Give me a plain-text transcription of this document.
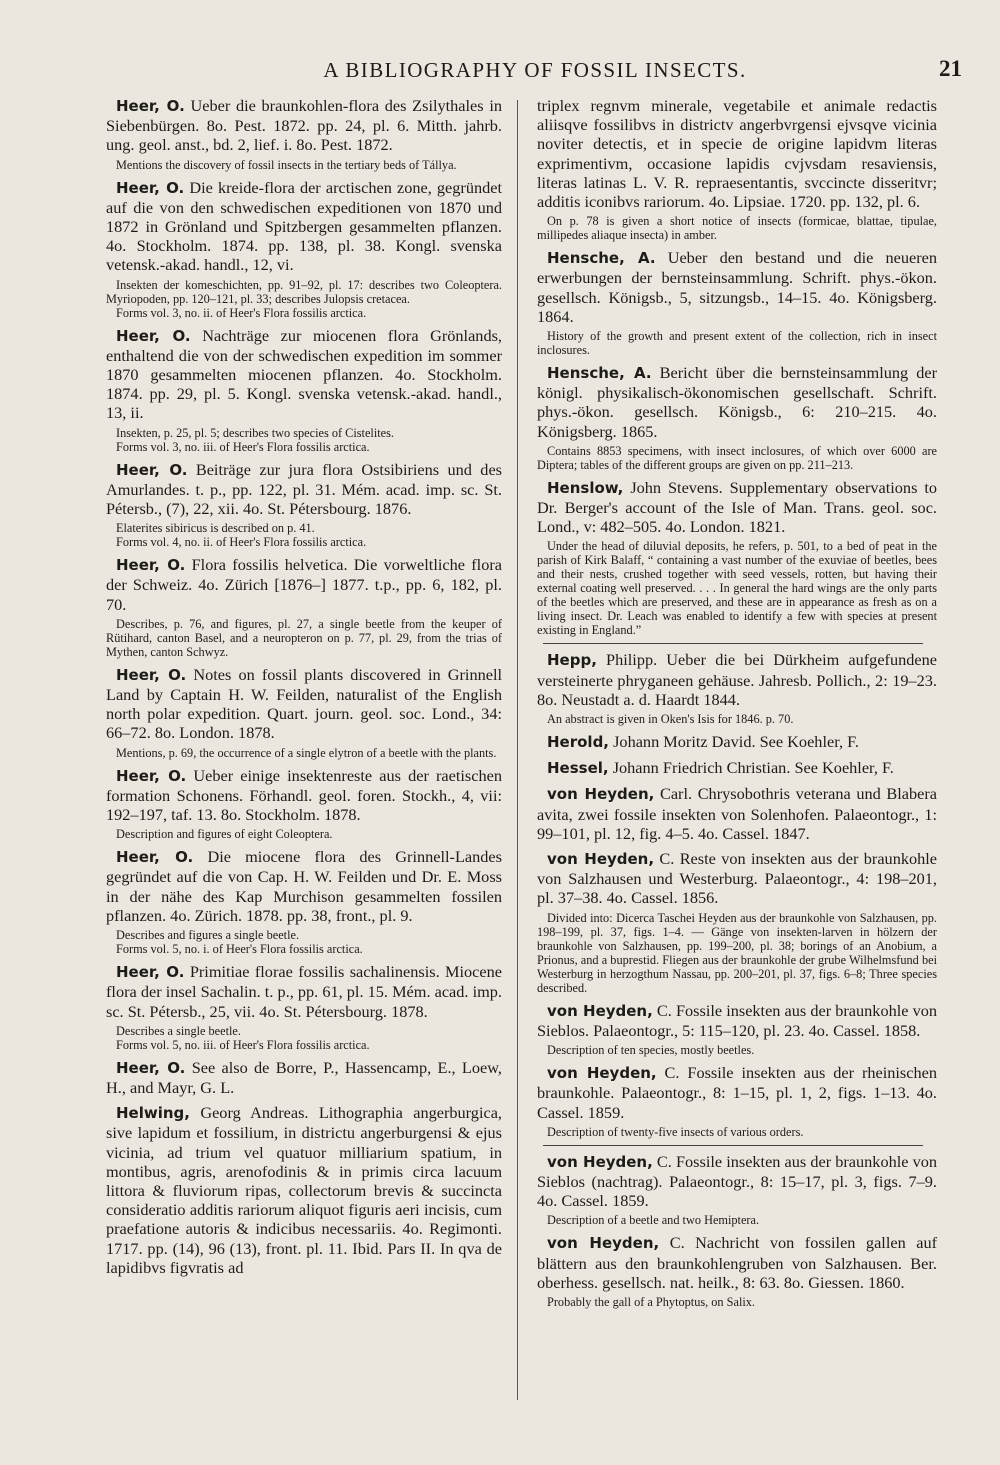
A BIBLIOGRAPHY OF FOSSIL INSECTS.	21

Heer, O. Ueber die braunkohlen-flora des Zsilythales in Siebenbürgen. 8o. Pest. 1872. pp. 24, pl. 6. Mitth. jahrb. ung. geol. anst., bd. 2, lief. i. 8o. Pest. 1872.

Mentions the discovery of fossil insects in the tertiary beds of Tállya.

Heer, O. Die kreide-flora der arctischen zone, gegründet auf die von den schwedischen expeditionen von 1870 und 1872 in Grönland und Spitzbergen gesammelten pflanzen. 4o. Stockholm. 1874. pp. 138, pl. 38. Kongl. svenska vetensk.-akad. handl., 12, vi.

Insekten der komeschichten, pp. 91–92, pl. 17: describes two Coleoptera. Myriopoden, pp. 120–121, pl. 33; describes Julopsis cretacea.

Forms vol. 3, no. ii. of Heer's Flora fossilis arctica.

Heer, O. Nachträge zur miocenen flora Grönlands, enthaltend die von der schwedischen expedition im sommer 1870 gesammelten miocenen pflanzen. 4o. Stockholm. 1874. pp. 29, pl. 5. Kongl. svenska vetensk.-akad. handl., 13, ii.

Insekten, p. 25, pl. 5; describes two species of Cistelites.

Forms vol. 3, no. iii. of Heer's Flora fossilis arctica.

Heer, O. Beiträge zur jura flora Ostsibiriens und des Amurlandes. t. p., pp. 122, pl. 31. Mém. acad. imp. sc. St. Pétersb., (7), 22, xii. 4o. St. Pétersbourg. 1876.

Elaterites sibiricus is described on p. 41.

Forms vol. 4, no. ii. of Heer's Flora fossilis arctica.

Heer, O. Flora fossilis helvetica. Die vorweltliche flora der Schweiz. 4o. Zürich [1876–] 1877. t.p., pp. 6, 182, pl. 70.

Describes, p. 76, and figures, pl. 27, a single beetle from the keuper of Rütihard, canton Basel, and a neuropteron on p. 77, pl. 29, from the trias of Mythen, canton Schwyz.

Heer, O. Notes on fossil plants discovered in Grinnell Land by Captain H. W. Feilden, naturalist of the English north polar expedition. Quart. journ. geol. soc. Lond., 34: 66–72. 8o. London. 1878.

Mentions, p. 69, the occurrence of a single elytron of a beetle with the plants.

Heer, O. Ueber einige insektenreste aus der raetischen formation Schonens. Förhandl. geol. foren. Stockh., 4, vii: 192–197, taf. 13. 8o. Stockholm. 1878.

Description and figures of eight Coleoptera.

Heer, O. Die miocene flora des Grinnell-Landes gegründet auf die von Cap. H. W. Feilden und Dr. E. Moss in der nähe des Kap Murchison gesammelten fossilen pflanzen. 4o. Zürich. 1878. pp. 38, front., pl. 9.

Describes and figures a single beetle.

Forms vol. 5, no. i. of Heer's Flora fossilis arctica.

Heer, O. Primitiae florae fossilis sachalinensis. Miocene flora der insel Sachalin. t. p., pp. 61, pl. 15. Mém. acad. imp. sc. St. Pétersb., 25, vii. 4o. St. Pétersbourg. 1878.

Describes a single beetle.

Forms vol. 5, no. iii. of Heer's Flora fossilis arctica.

Heer, O. See also de Borre, P., Hassencamp, E., Loew, H., and Mayr, G. L.

Helwing, Georg Andreas. Lithographia angerburgica, sive lapidum et fossilium, in districtu angerburgensi & ejus vicinia, ad trium vel quatuor milliarium spatium, in montibus, agris, arenofodinis & in primis circa lacuum littora & fluviorum ripas, collectorum brevis & succincta consideratio additis rariorum aliquot figuris aeri incisis, cum praefatione autoris & indicibus necessariis. 4o. Regimonti. 1717. pp. (14), 96 (13), front. pl. 11. Ibid. Pars II. In qva de lapidibvs figvratis ad

triplex regnvm minerale, vegetabile et animale redactis aliisqve fossilibvs in districtv angerbvrgensi ejvsqve vicinia noviter detectis, et in specie de origine lapidvm literas exprimentivm, occasione lapidis cvjvsdam resaviensis, literas latinas L. V. R. repraesentantis, svccincte disseritvr; additis iconibvs rariorum. 4o. Lipsiae. 1720. pp. 132, pl. 6.

On p. 78 is given a short notice of insects (formicae, blattae, tipulae, millipedes aliaque insecta) in amber.

Hensche, A. Ueber den bestand und die neueren erwerbungen der bernsteinsammlung. Schrift. phys.-ökon. gesellsch. Königsb., 5, sitzungsb., 14–15. 4o. Königsberg. 1864.

History of the growth and present extent of the collection, rich in insect inclosures.

Hensche, A. Bericht über die bernsteinsammlung der königl. physikalisch-ökonomischen gesellschaft. Schrift. phys.-ökon. gesellsch. Königsb., 6: 210–215. 4o. Königsberg. 1865.

Contains 8853 specimens, with insect inclosures, of which over 6000 are Diptera; tables of the different groups are given on pp. 211–213.

Henslow, John Stevens. Supplementary observations to Dr. Berger's account of the Isle of Man. Trans. geol. soc. Lond., v: 482–505. 4o. London. 1821.

Under the head of diluvial deposits, he refers, p. 501, to a bed of peat in the parish of Kirk Balaff, “ containing a vast number of the exuviae of beetles, bees and their nests, crushed together with seed vessels, rotten, but having their external coating well preserved. . . . In general the hard wings are the only parts of the beetles which are preserved, and these are in appearance as fresh as on a living insect. Dr. Leach was enabled to identify a few with species at present existing in England.”

Hepp, Philipp. Ueber die bei Dürkheim aufgefundene versteinerte phryganeen gehäuse. Jahresb. Pollich., 2: 19–23. 8o. Neustadt a. d. Haardt 1844.

An abstract is given in Oken's Isis for 1846. p. 70.

Herold, Johann Moritz David. See Koehler, F.

Hessel, Johann Friedrich Christian. See Koehler, F.

von Heyden, Carl. Chrysobothris veterana und Blabera avita, zwei fossile insekten von Solenhofen. Palaeontogr., 1: 99–101, pl. 12, fig. 4–5. 4o. Cassel. 1847.

von Heyden, C. Reste von insekten aus der braunkohle von Salzhausen und Westerburg. Palaeontogr., 4: 198–201, pl. 37–38. 4o. Cassel. 1856.

Divided into: Dicerca Taschei Heyden aus der braunkohle von Salzhausen, pp. 198–199, pl. 37, figs. 1–4. — Gänge von insekten-larven in hölzern der braunkohle von Salzhausen, pp. 199–200, pl. 38; borings of an Anobium, a Prionus, and a buprestid. Fliegen aus der braunkohle der grube Wilhelmsfund bei Westerburg in herzogthum Nassau, pp. 200–201, pl. 37, figs. 6–8; Three species described.

von Heyden, C. Fossile insekten aus der braunkohle von Sieblos. Palaeontogr., 5: 115–120, pl. 23. 4o. Cassel. 1858.

Description of ten species, mostly beetles.

von Heyden, C. Fossile insekten aus der rheinischen braunkohle. Palaeontogr., 8: 1–15, pl. 1, 2, figs. 1–13. 4o. Cassel. 1859.

Description of twenty-five insects of various orders.

von Heyden, C. Fossile insekten aus der braunkohle von Sieblos (nachtrag). Palaeontogr., 8: 15–17, pl. 3, figs. 7–9. 4o. Cassel. 1859.

Description of a beetle and two Hemiptera.

von Heyden, C. Nachricht von fossilen gallen auf blättern aus den braunkohlengruben von Salzhausen. Ber. oberhess. gesellsch. nat. heilk., 8: 63. 8o. Giessen. 1860.

Probably the gall of a Phytoptus, on Salix.
